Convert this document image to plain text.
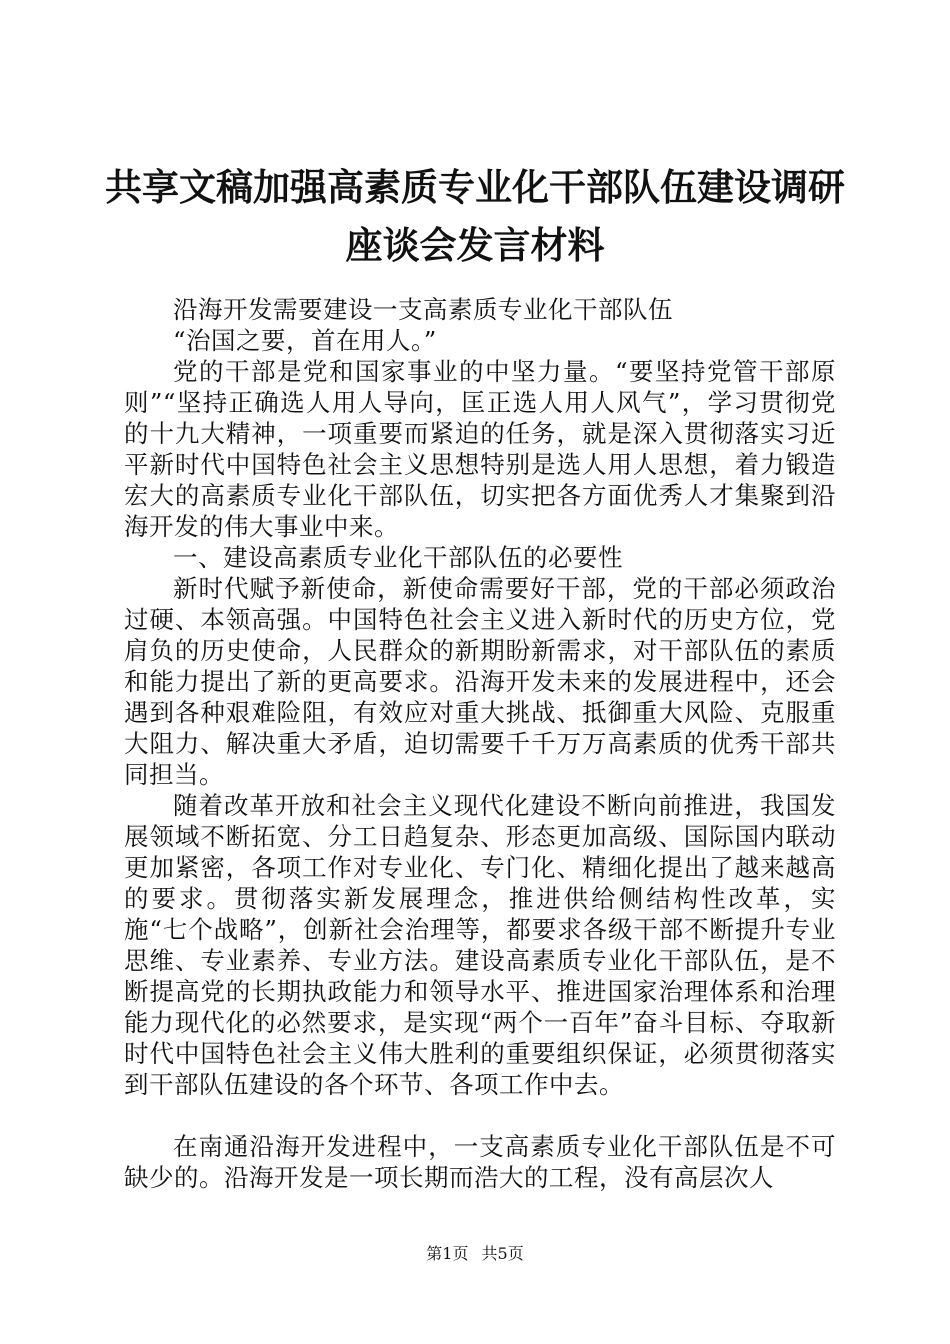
共享文稿加强高素质专业化干部队伍建设调研
座谈会发言材料

沿海开发需要建设一支高素质专业化干部队伍

“治国之要，首在用人。”

党的干部是党和国家事业的中坚力量。“要坚持党管干部原则”“坚持正确选人用人导向，匡正选人用人风气”，学习贯彻党的十九大精神，一项重要而紧迫的任务，就是深入贯彻落实习近平新时代中国特色社会主义思想特别是选人用人思想，着力锻造宏大的高素质专业化干部队伍，切实把各方面优秀人才集聚到沿海开发的伟大事业中来。

一、建设高素质专业化干部队伍的必要性

新时代赋予新使命，新使命需要好干部，党的干部必须政治过硬、本领高强。中国特色社会主义进入新时代的历史方位，党肩负的历史使命，人民群众的新期盼新需求，对干部队伍的素质和能力提出了新的更高要求。沿海开发未来的发展进程中，还会遇到各种艰难险阻，有效应对重大挑战、抵御重大风险、克服重大阻力、解决重大矛盾，迫切需要千千万万高素质的优秀干部共同担当。

随着改革开放和社会主义现代化建设不断向前推进，我国发展领域不断拓宽、分工日趋复杂、形态更加高级、国际国内联动更加紧密，各项工作对专业化、专门化、精细化提出了越来越高的要求。贯彻落实新发展理念，推进供给侧结构性改革，实施“七个战略”，创新社会治理等，都要求各级干部不断提升专业思维、专业素养、专业方法。建设高素质专业化干部队伍，是不断提高党的长期执政能力和领导水平、推进国家治理体系和治理能力现代化的必然要求，是实现“两个一百年”奋斗目标、夺取新时代中国特色社会主义伟大胜利的重要组织保证，必须贯彻落实到干部队伍建设的各个环节、各项工作中去。

在南通沿海开发进程中，一支高素质专业化干部队伍是不可缺少的。沿海开发是一项长期而浩大的工程，没有高层次人

第1页 共5页
